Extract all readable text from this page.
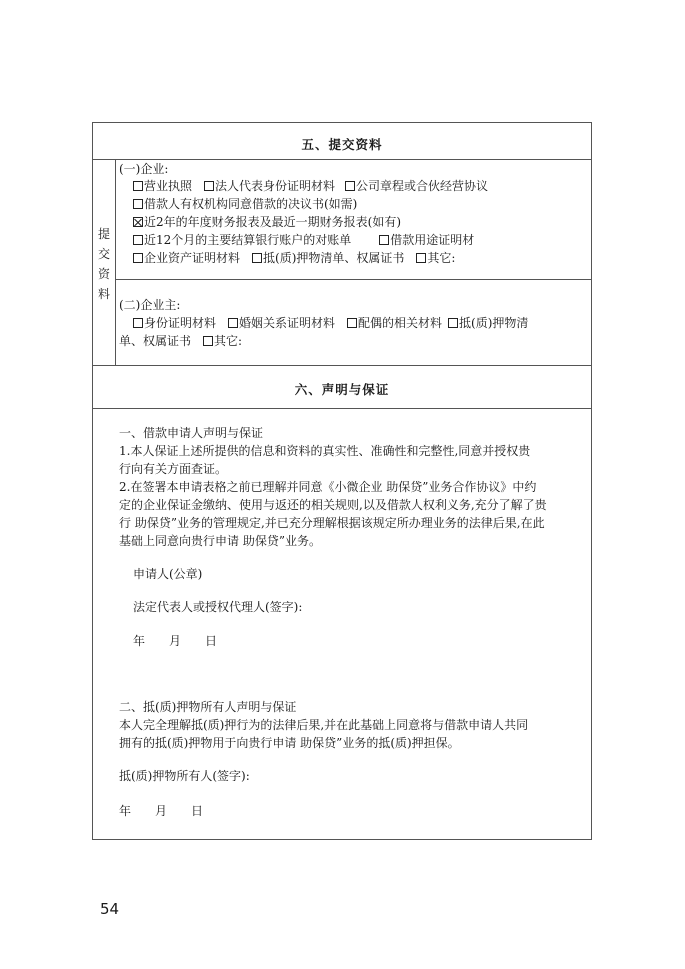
五、提交资料
提
交
资
料
(一)企业:
营业执照 法人代表身份证明材料 公司章程或合伙经营协议
借款人有权机构同意借款的决议书(如需)
近2年的年度财务报表及最近一期财务报表(如有)
近12个月的主要结算银行账户的对账单	借款用途证明材
企业资产证明材料 抵(质)押物清单、权属证书 其它:
(二)企业主:
身份证明材料 婚姻关系证明材料 配偶的相关材料 抵(质)押物清
单、权属证书 其它:
六、声明与保证
一、借款申请人声明与保证
1.本人保证上述所提供的信息和资料的真实性、准确性和完整性,同意并授权贵
行向有关方面查证。
2.在签署本申请表格之前已理解并同意《小微企业 助保贷”业务合作协议》中约
定的企业保证金缴纳、使用与返还的相关规则,以及借款人权利义务,充分了解了贵
行 助保贷”业务的管理规定,并已充分理解根据该规定所办理业务的法律后果,在此
基础上同意向贵行申请 助保贷”业务。
申请人(公章)
法定代表人或授权代理人(签字):
年　　月　　日
二、抵(质)押物所有人声明与保证
本人完全理解抵(质)押行为的法律后果,并在此基础上同意将与借款申请人共同
拥有的抵(质)押物用于向贵行申请 助保贷”业务的抵(质)押担保。
抵(质)押物所有人(签字):
年　　月　　日
54
